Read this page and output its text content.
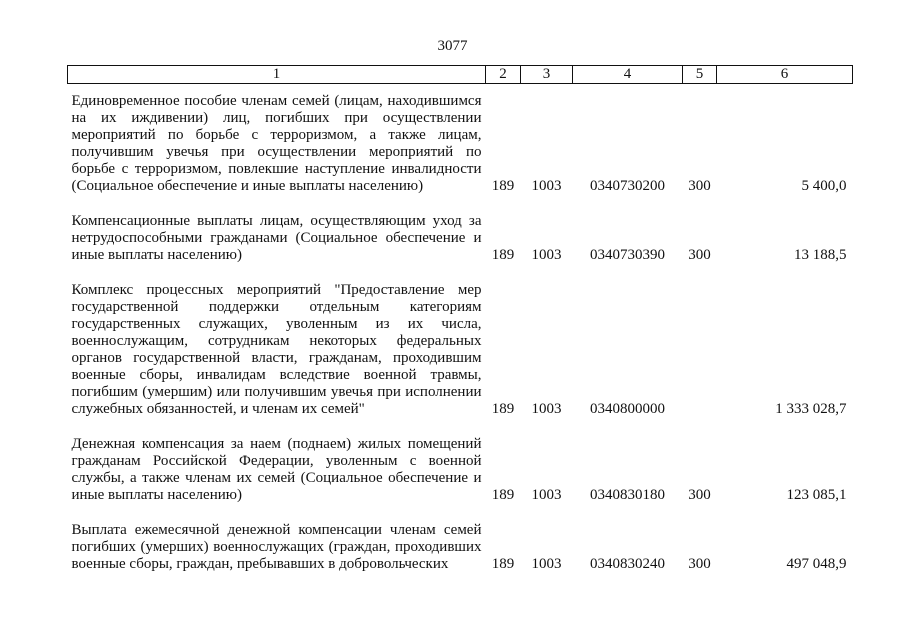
3077
1	2	3	4	5	6
Единовременное пособие членам семей (лицам, находившимся на их иждивении) лиц, погибших при осуществлении мероприятий по борьбе с терроризмом, а также лицам, получившим увечья при осуществлении мероприятий по борьбе с терроризмом, повлекшие наступление инвалидности (Социальное обеспечение и иные выплаты населению)	189	1003	0340730200	300	5 400,0
Компенсационные выплаты лицам, осуществляющим уход за нетрудоспособными гражданами (Социальное обеспечение и иные выплаты населению)	189	1003	0340730390	300	13 188,5
Комплекс процессных мероприятий "Предоставление мер государственной поддержки отдельным категориям государственных служащих, уволенным из их числа, военнослужащим, сотрудникам некоторых федеральных органов государственной власти, гражданам, проходившим военные сборы, инвалидам вследствие военной травмы, погибшим (умершим) или получившим увечья при исполнении служебных обязанностей, и членам их семей"	189	1003	0340800000		1 333 028,7
Денежная компенсация за наем (поднаем) жилых помещений гражданам Российской Федерации, уволенным с военной службы, а также членам их семей (Социальное обеспечение и иные выплаты населению)	189	1003	0340830180	300	123 085,1
Выплата ежемесячной денежной компенсации членам семей погибших (умерших) военнослужащих (граждан, проходивших военные сборы, граждан, пребывавших в добровольческих	189	1003	0340830240	300	497 048,9
